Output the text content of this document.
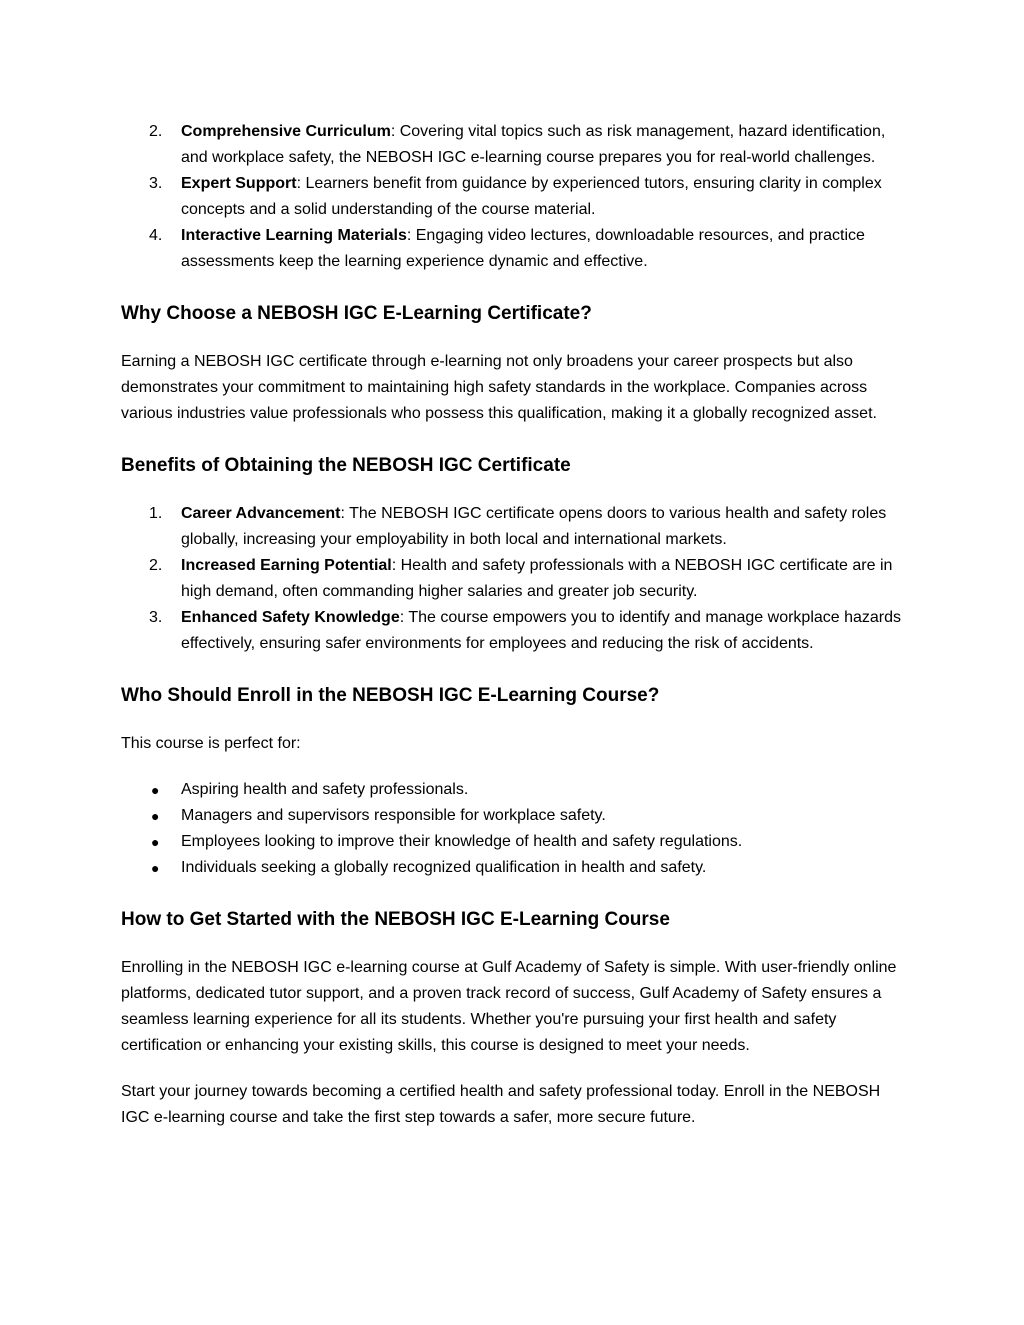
2. Comprehensive Curriculum: Covering vital topics such as risk management, hazard identification, and workplace safety, the NEBOSH IGC e-learning course prepares you for real-world challenges.
3. Expert Support: Learners benefit from guidance by experienced tutors, ensuring clarity in complex concepts and a solid understanding of the course material.
4. Interactive Learning Materials: Engaging video lectures, downloadable resources, and practice assessments keep the learning experience dynamic and effective.
Why Choose a NEBOSH IGC E-Learning Certificate?

Earning a NEBOSH IGC certificate through e-learning not only broadens your career prospects but also demonstrates your commitment to maintaining high safety standards in the workplace. Companies across various industries value professionals who possess this qualification, making it a globally recognized asset.

Benefits of Obtaining the NEBOSH IGC Certificate
1. Career Advancement: The NEBOSH IGC certificate opens doors to various health and safety roles globally, increasing your employability in both local and international markets.
2. Increased Earning Potential: Health and safety professionals with a NEBOSH IGC certificate are in high demand, often commanding higher salaries and greater job security.
3. Enhanced Safety Knowledge: The course empowers you to identify and manage workplace hazards effectively, ensuring safer environments for employees and reducing the risk of accidents.
Who Should Enroll in the NEBOSH IGC E-Learning Course?

This course is perfect for:

● Aspiring health and safety professionals.
● Managers and supervisors responsible for workplace safety.
● Employees looking to improve their knowledge of health and safety regulations.
● Individuals seeking a globally recognized qualification in health and safety.
How to Get Started with the NEBOSH IGC E-Learning Course

Enrolling in the NEBOSH IGC e-learning course at Gulf Academy of Safety is simple. With user-friendly online platforms, dedicated tutor support, and a proven track record of success, Gulf Academy of Safety ensures a seamless learning experience for all its students. Whether you're pursuing your first health and safety certification or enhancing your existing skills, this course is designed to meet your needs.

Start your journey towards becoming a certified health and safety professional today. Enroll in the NEBOSH IGC e-learning course and take the first step towards a safer, more secure future.
